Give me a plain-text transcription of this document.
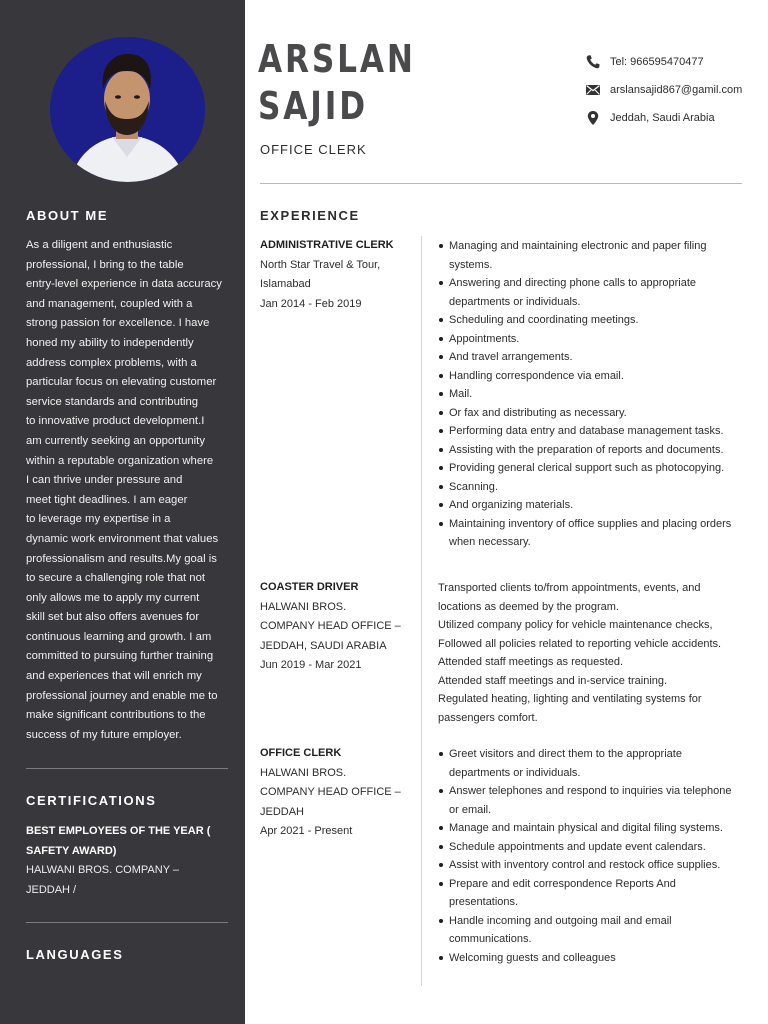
ABOUT ME
As a diligent and enthusiastic
professional, I bring to the table
entry-level experience in data accuracy
and management, coupled with a
strong passion for excellence. I have
honed my ability to independently
address complex problems, with a
particular focus on elevating customer
service standards and contributing
to innovative product development.I
am currently seeking an opportunity
within a reputable organization where
I can thrive under pressure and
meet tight deadlines. I am eager
to leverage my expertise in a
dynamic work environment that values
professionalism and results.My goal is
to secure a challenging role that not
only allows me to apply my current
skill set but also offers avenues for
continuous learning and growth. I am
committed to pursuing further training
and experiences that will enrich my
professional journey and enable me to
make significant contributions to the
success of my future employer.
CERTIFICATIONS
BEST EMPLOYEES OF THE YEAR ( SAFETY AWARD)
HALWANI BROS. COMPANY – JEDDAH /
LANGUAGES
ARSLAN
SAJID
OFFICE CLERK
Tel: 966595470477
arslansajid867@gamil.com
Jeddah, Saudi Arabia
EXPERIENCE
ADMINISTRATIVE CLERK
North Star Travel & Tour,
Islamabad
Jan 2014 - Feb 2019
Managing and maintaining electronic and paper filing systems.
Answering and directing phone calls to appropriate departments or individuals.
Scheduling and coordinating meetings.
Appointments.
And travel arrangements.
Handling correspondence via email.
Mail.
Or fax and distributing as necessary.
Performing data entry and database management tasks.
Assisting with the preparation of reports and documents.
Providing general clerical support such as photocopying.
Scanning.
And organizing materials.
Maintaining inventory of office supplies and placing orders when necessary.
COASTER DRIVER
HALWANI BROS.
COMPANY HEAD OFFICE –
JEDDAH, SAUDI ARABIA
Jun 2019 - Mar 2021
Transported clients to/from appointments, events, and
locations as deemed by the program.
Utilized company policy for vehicle maintenance checks,
Followed all policies related to reporting vehicle accidents.
Attended staff meetings as requested.
Attended staff meetings and in-service training.
Regulated heating, lighting and ventilating systems for
passengers comfort.
OFFICE CLERK
HALWANI BROS.
COMPANY HEAD OFFICE –
JEDDAH
Apr 2021 - Present
Greet visitors and direct them to the appropriate departments or individuals.
Answer telephones and respond to inquiries via telephone or email.
Manage and maintain physical and digital filing systems.
Schedule appointments and update event calendars.
Assist with inventory control and restock office supplies.
Prepare and edit correspondence Reports And presentations.
Handle incoming and outgoing mail and email communications.
Welcoming guests and colleagues
